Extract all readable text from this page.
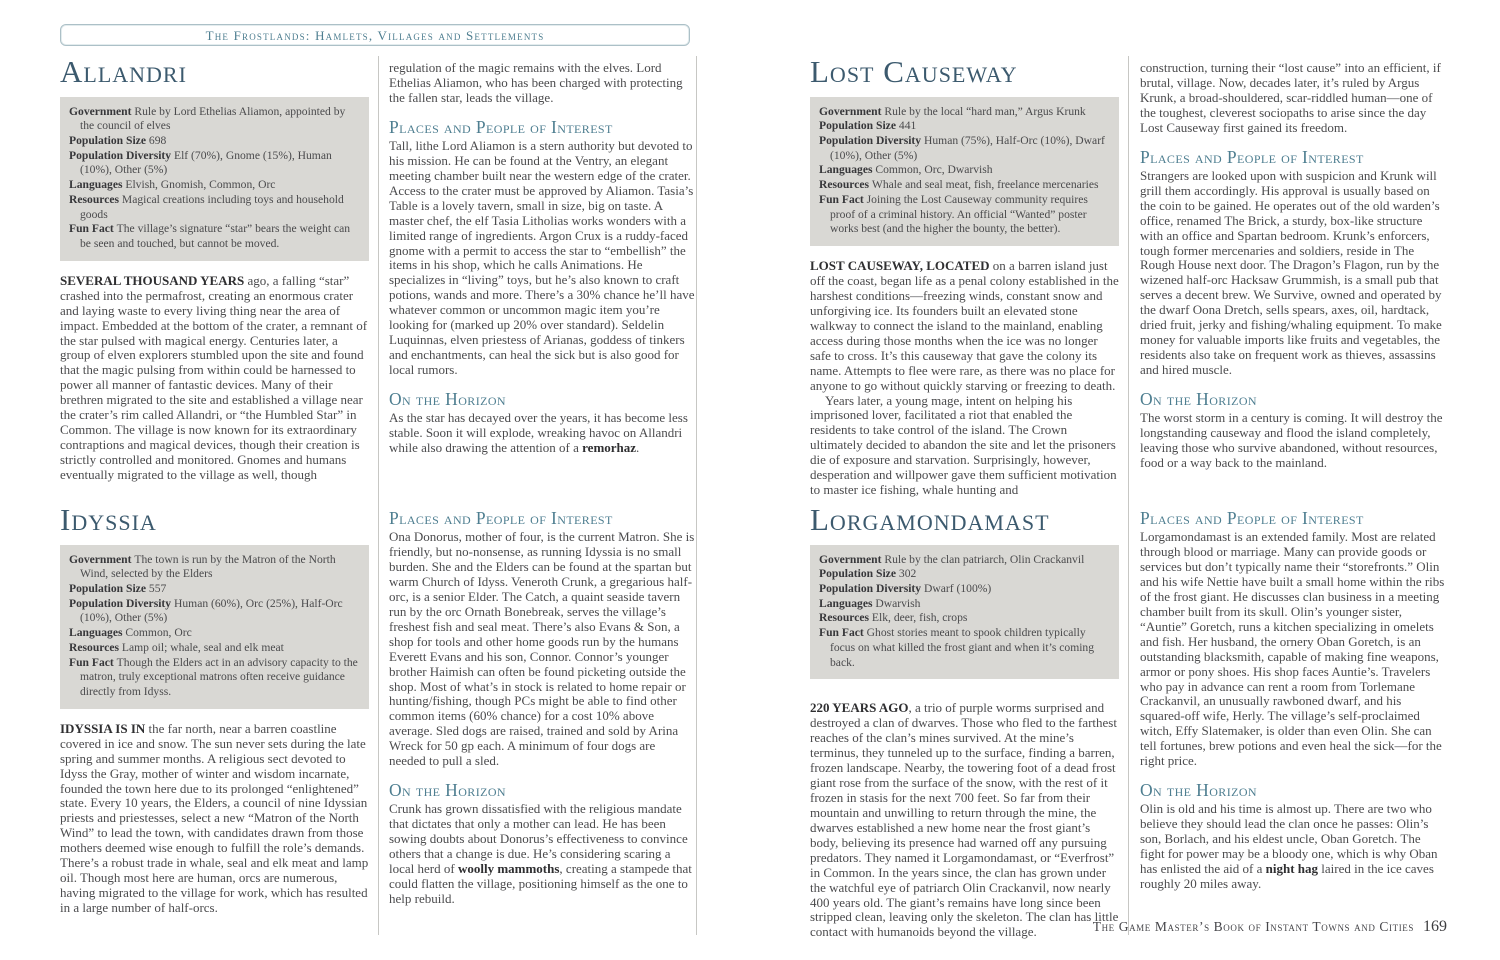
The Frostlands: Hamlets, Villages and Settlements
Allandri
Government Rule by Lord Ethelias Aliamon, appointed by the council of elves
Population Size 698
Population Diversity Elf (70%), Gnome (15%), Human (10%), Other (5%)
Languages Elvish, Gnomish, Common, Orc
Resources Magical creations including toys and household goods
Fun Fact The village’s signature “star” bears the weight can be seen and touched, but cannot be moved.

SEVERAL THOUSAND YEARS ago, a falling “star” crashed into the permafrost, creating an enormous crater and laying waste to every living thing near the area of impact. Embedded at the bottom of the crater, a remnant of the star pulsed with magical energy. Centuries later, a group of elven explorers stumbled upon the site and found that the magic pulsing from within could be harnessed to power all manner of fantastic devices. Many of their brethren migrated to the site and established a village near the crater’s rim called Allandri, or “the Humbled Star” in Common. The village is now known for its extraordinary contraptions and magical devices, though their creation is strictly controlled and monitored. Gnomes and humans eventually migrated to the village as well, though

regulation of the magic remains with the elves. Lord Ethelias Aliamon, who has been charged with protecting the fallen star, leads the village.

Places and People of Interest

Tall, lithe Lord Aliamon is a stern authority but devoted to his mission. He can be found at the Ventry, an elegant meeting chamber built near the western edge of the crater. Access to the crater must be approved by Aliamon. Tasia’s Table is a lovely tavern, small in size, big on taste. A master chef, the elf Tasia Litholias works wonders with a limited range of ingredients. Argon Crux is a ruddy-faced gnome with a permit to access the star to “embellish” the items in his shop, which he calls Animations. He specializes in “living” toys, but he’s also known to craft potions, wands and more. There’s a 30% chance he’ll have whatever common or uncommon magic item you’re looking for (marked up 20% over standard). Seldelin Luquinnas, elven priestess of Arianas, goddess of tinkers and enchantments, can heal the sick but is also good for local rumors.

On the Horizon

As the star has decayed over the years, it has become less stable. Soon it will explode, wreaking havoc on Allandri while also drawing the attention of a remorhaz.

Lost Causeway
Government Rule by the local “hard man,” Argus Krunk
Population Size 441
Population Diversity Human (75%), Half-Orc (10%), Dwarf (10%), Other (5%)
Languages Common, Orc, Dwarvish
Resources Whale and seal meat, fish, freelance mercenaries
Fun Fact Joining the Lost Causeway community requires proof of a criminal history. An official “Wanted” poster works best (and the higher the bounty, the better).

LOST CAUSEWAY, LOCATED on a barren island just off the coast, began life as a penal colony established in the harshest conditions—freezing winds, constant snow and unforgiving ice. Its founders built an elevated stone walkway to connect the island to the mainland, enabling access during those months when the ice was no longer safe to cross. It’s this causeway that gave the colony its name. Attempts to flee were rare, as there was no place for anyone to go without quickly starving or freezing to death.

Years later, a young mage, intent on helping his imprisoned lover, facilitated a riot that enabled the residents to take control of the island. The Crown ultimately decided to abandon the site and let the prisoners die of exposure and starvation. Surprisingly, however, desperation and willpower gave them sufficient motivation to master ice fishing, whale hunting and

construction, turning their “lost cause” into an efficient, if brutal, village. Now, decades later, it’s ruled by Argus Krunk, a broad-shouldered, scar-riddled human—one of the toughest, cleverest sociopaths to arise since the day Lost Causeway first gained its freedom.

Places and People of Interest

Strangers are looked upon with suspicion and Krunk will grill them accordingly. His approval is usually based on the coin to be gained. He operates out of the old warden’s office, renamed The Brick, a sturdy, box-like structure with an office and Spartan bedroom. Krunk’s enforcers, tough former mercenaries and soldiers, reside in The Rough House next door. The Dragon’s Flagon, run by the wizened half-orc Hacksaw Grummish, is a small pub that serves a decent brew. We Survive, owned and operated by the dwarf Oona Dretch, sells spears, axes, oil, hardtack, dried fruit, jerky and fishing/whaling equipment. To make money for valuable imports like fruits and vegetables, the residents also take on frequent work as thieves, assassins and hired muscle.

On the Horizon

The worst storm in a century is coming. It will destroy the longstanding causeway and flood the island completely, leaving those who survive abandoned, without resources, food or a way back to the mainland.

Idyssia
Government The town is run by the Matron of the North Wind, selected by the Elders
Population Size 557
Population Diversity Human (60%), Orc (25%), Half-Orc (10%), Other (5%)
Languages Common, Orc
Resources Lamp oil; whale, seal and elk meat
Fun Fact Though the Elders act in an advisory capacity to the matron, truly exceptional matrons often receive guidance directly from Idyss.

IDYSSIA IS IN the far north, near a barren coastline covered in ice and snow. The sun never sets during the late spring and summer months. A religious sect devoted to Idyss the Gray, mother of winter and wisdom incarnate, founded the town here due to its prolonged “enlightened” state. Every 10 years, the Elders, a council of nine Idyssian priests and priestesses, select a new “Matron of the North Wind” to lead the town, with candidates drawn from those mothers deemed wise enough to fulfill the role’s demands. There’s a robust trade in whale, seal and elk meat and lamp oil. Though most here are human, orcs are numerous, having migrated to the village for work, which has resulted in a large number of half-orcs.

Places and People of Interest

Ona Donorus, mother of four, is the current Matron. She is friendly, but no-nonsense, as running Idyssia is no small burden. She and the Elders can be found at the spartan but warm Church of Idyss. Veneroth Crunk, a gregarious half-orc, is a senior Elder. The Catch, a quaint seaside tavern run by the orc Ornath Bonebreak, serves the village’s freshest fish and seal meat. There’s also Evans & Son, a shop for tools and other home goods run by the humans Everett Evans and his son, Connor. Connor’s younger brother Haimish can often be found picketing outside the shop. Most of what’s in stock is related to home repair or hunting/fishing, though PCs might be able to find other common items (60% chance) for a cost 10% above average. Sled dogs are raised, trained and sold by Arina Wreck for 50 gp each. A minimum of four dogs are needed to pull a sled.

On the Horizon

Crunk has grown dissatisfied with the religious mandate that dictates that only a mother can lead. He has been sowing doubts about Donorus’s effectiveness to convince others that a change is due. He’s considering scaring a local herd of woolly mammoths, creating a stampede that could flatten the village, positioning himself as the one to help rebuild.

Lorgamondamast
Government Rule by the clan patriarch, Olin Crackanvil
Population Size 302
Population Diversity Dwarf (100%)
Languages Dwarvish
Resources Elk, deer, fish, crops
Fun Fact Ghost stories meant to spook children typically focus on what killed the frost giant and when it’s coming back.

220 YEARS AGO, a trio of purple worms surprised and destroyed a clan of dwarves. Those who fled to the farthest reaches of the clan’s mines survived. At the mine’s terminus, they tunneled up to the surface, finding a barren, frozen landscape. Nearby, the towering foot of a dead frost giant rose from the surface of the snow, with the rest of it frozen in stasis for the next 700 feet. So far from their mountain and unwilling to return through the mine, the dwarves established a new home near the frost giant’s body, believing its presence had warned off any pursuing predators. They named it Lorgamondamast, or “Everfrost” in Common. In the years since, the clan has grown under the watchful eye of patriarch Olin Crackanvil, now nearly 400 years old. The giant’s remains have long since been stripped clean, leaving only the skeleton. The clan has little contact with humanoids beyond the village.

Places and People of Interest

Lorgamondamast is an extended family. Most are related through blood or marriage. Many can provide goods or services but don’t typically name their “storefronts.” Olin and his wife Nettie have built a small home within the ribs of the frost giant. He discusses clan business in a meeting chamber built from its skull. Olin’s younger sister, “Auntie” Goretch, runs a kitchen specializing in omelets and fish. Her husband, the ornery Oban Goretch, is an outstanding blacksmith, capable of making fine weapons, armor or pony shoes. His shop faces Auntie’s. Travelers who pay in advance can rent a room from Torlemane Crackanvil, an unusually rawboned dwarf, and his squared-off wife, Herly. The village’s self-proclaimed witch, Effy Slatemaker, is older than even Olin. She can tell fortunes, brew potions and even heal the sick—for the right price.

On the Horizon

Olin is old and his time is almost up. There are two who believe they should lead the clan once he passes: Olin’s son, Borlach, and his eldest uncle, Oban Goretch. The fight for power may be a bloody one, which is why Oban has enlisted the aid of a night hag laired in the ice caves roughly 20 miles away.

The Game Master’s Book of Instant Towns and Cities 169
